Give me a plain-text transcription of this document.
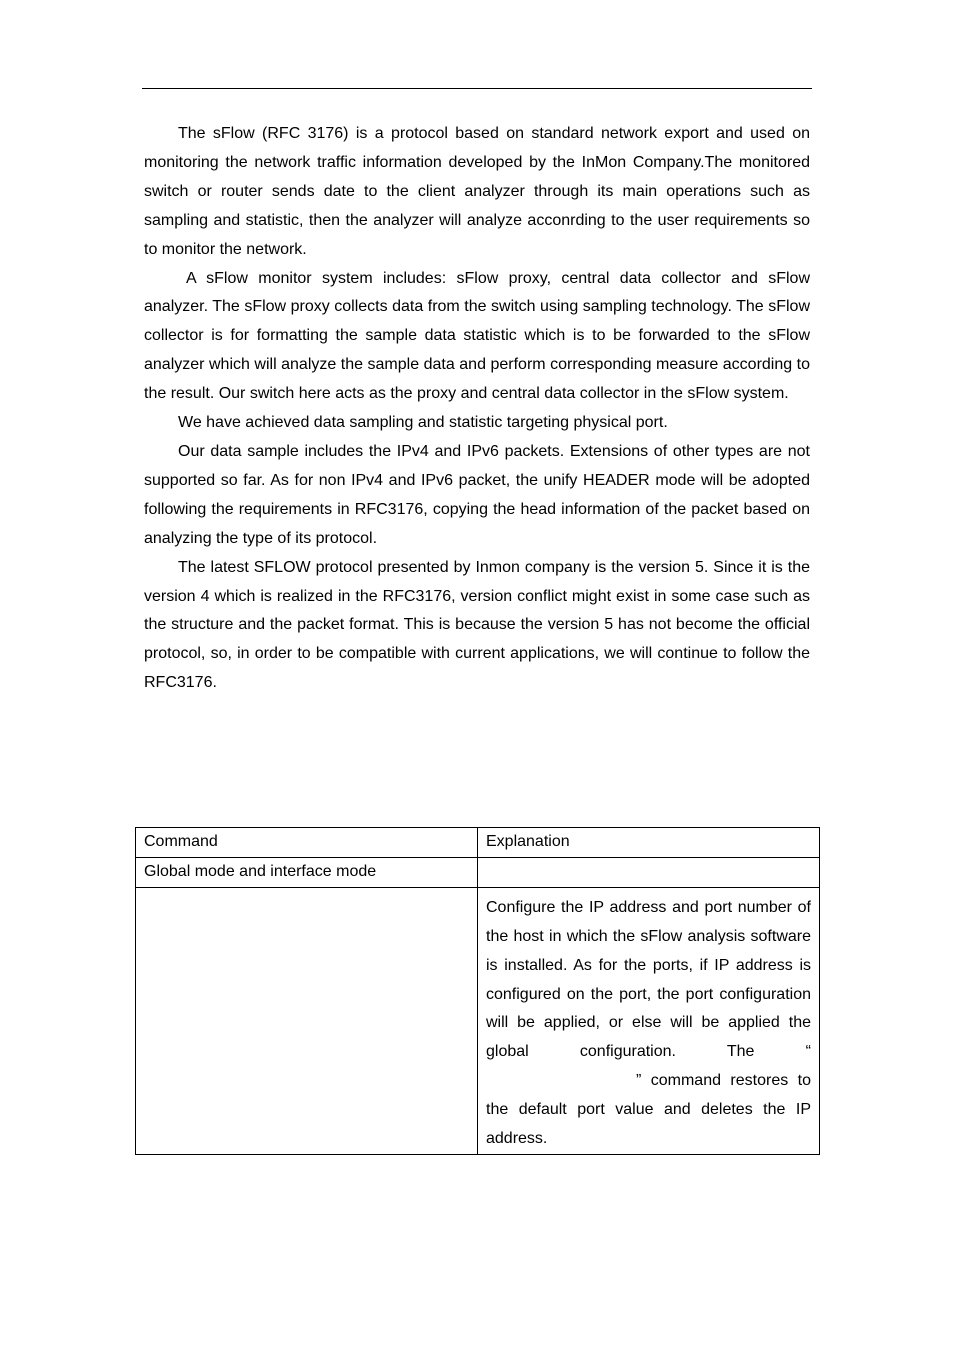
The sFlow (RFC 3176) is a protocol based on standard network export and used on monitoring the network traffic information developed by the InMon Company.The monitored switch or router sends date to the client analyzer through its main operations such as sampling and statistic, then the analyzer will analyze acconrding to the user requirements so to monitor the network.

A sFlow monitor system includes: sFlow proxy, central data collector and sFlow analyzer. The sFlow proxy collects data from the switch using sampling technology. The sFlow collector is for formatting the sample data statistic which is to be forwarded to the sFlow analyzer which will analyze the sample data and perform corresponding measure according to the result. Our switch here acts as the proxy and central data collector in the sFlow system.

We have achieved data sampling and statistic targeting physical port.

Our data sample includes the IPv4 and IPv6 packets. Extensions of other types are not supported so far. As for non IPv4 and IPv6 packet, the unify HEADER mode will be adopted following the requirements in RFC3176, copying the head information of the packet based on analyzing the type of its protocol.

The latest SFLOW protocol presented by Inmon company is the version 5. Since it is the version 4 which is realized in the RFC3176, version conflict might exist in some case such as the structure and the packet format. This is because the version 5 has not become the official protocol, so, in order to be compatible with current applications, we will continue to follow the RFC3176.

Command	Explanation
Global mode and interface mode	
	Configure the IP address and port number of the host in which the sFlow analysis software is installed. As for the ports, if IP address is configured on the port, the port configuration will be applied, or else will be applied the global configuration. The “” command restores to the default port value and deletes the IP address.
